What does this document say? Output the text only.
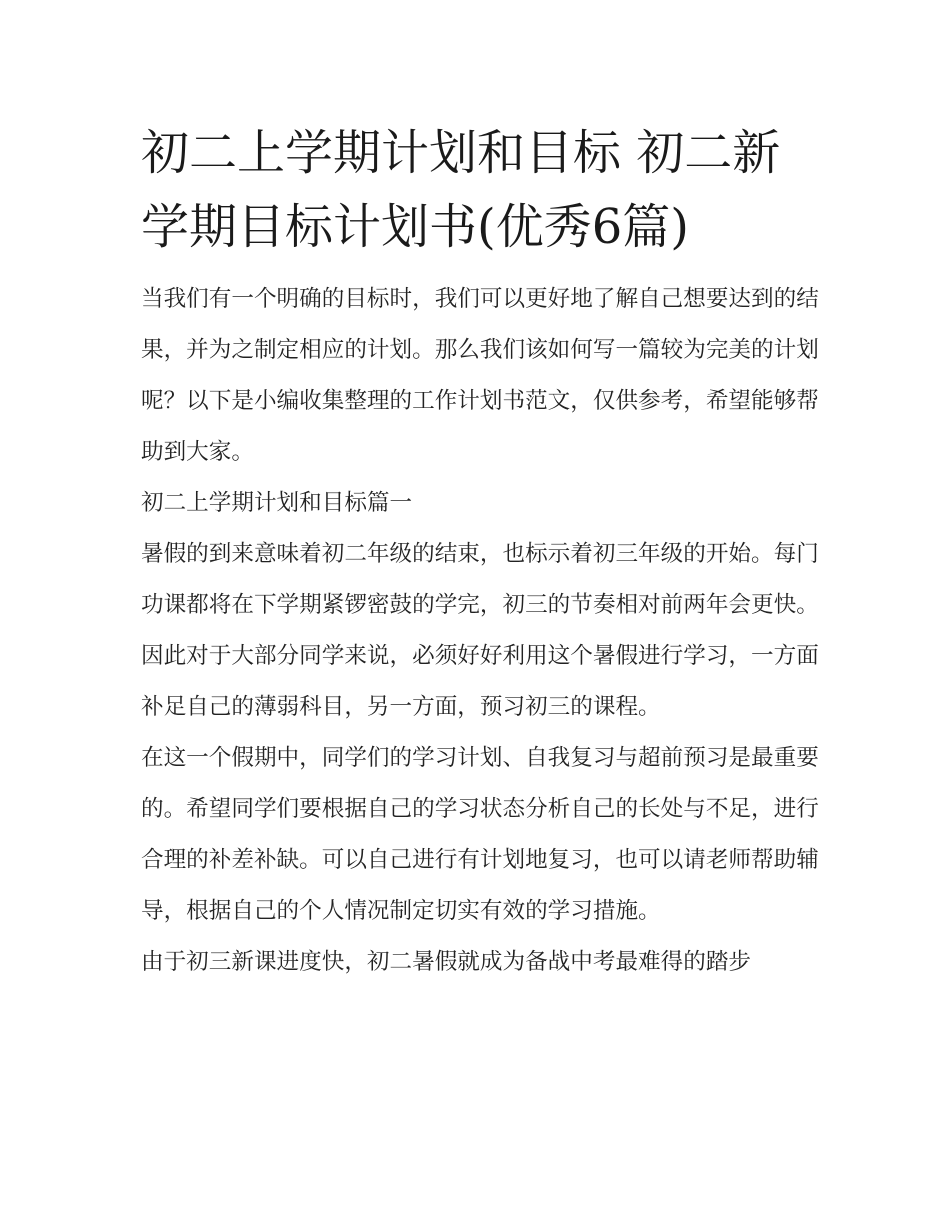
初二上学期计划和目标 初二新学期目标计划书(优秀6篇)

当我们有一个明确的目标时，我们可以更好地了解自己想要达到的结果，并为之制定相应的计划。那么我们该如何写一篇较为完美的计划呢？以下是小编收集整理的工作计划书范文，仅供参考，希望能够帮助到大家。

初二上学期计划和目标篇一

暑假的到来意味着初二年级的结束，也标示着初三年级的开始。每门功课都将在下学期紧锣密鼓的学完，初三的节奏相对前两年会更快。因此对于大部分同学来说，必须好好利用这个暑假进行学习，一方面补足自己的薄弱科目，另一方面，预习初三的课程。

在这一个假期中，同学们的学习计划、自我复习与超前预习是最重要的。希望同学们要根据自己的学习状态分析自己的长处与不足，进行合理的补差补缺。可以自己进行有计划地复习，也可以请老师帮助辅导，根据自己的个人情况制定切实有效的学习措施。

由于初三新课进度快，初二暑假就成为备战中考最难得的踏步
